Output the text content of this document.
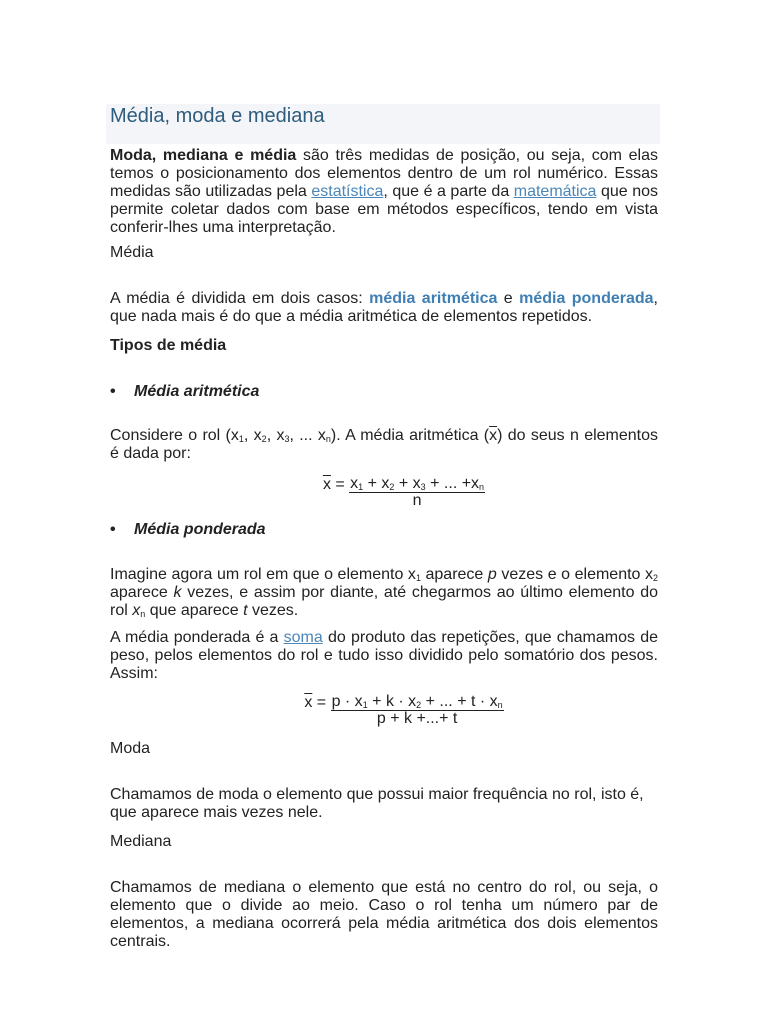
Média, moda e mediana

Moda, mediana e média são três medidas de posição, ou seja, com elas temos o posicionamento dos elementos dentro de um rol numérico. Essas medidas são utilizadas pela estatística, que é a parte da matemática que nos permite coletar dados com base em métodos específicos, tendo em vista conferir-lhes uma interpretação.

Média

A média é dividida em dois casos: média aritmética e média ponderada, que nada mais é do que a média aritmética de elementos repetidos.

Tipos de média

• Média aritmética

Considere o rol ($x_1$, $x_2$, $x_3$, ... $x_n$). A média aritmética $(\overline{x})$ do seus n elementos é dada por:

$\overline{x} = \frac{x_1 + x_2 + x_3 + ... +x_n}{n}$

• Média ponderada

Imagine agora um rol em que o elemento $x_1$ aparece p vezes e o elemento $x_2$ aparece k vezes, e assim por diante, até chegarmos ao último elemento do rol $x_n$ que aparece t vezes.

A média ponderada é a soma do produto das repetições, que chamamos de peso, pelos elementos do rol e tudo isso dividido pelo somatório dos pesos. Assim:

$\overline{x} = \frac{p \cdot x_1 + k \cdot x_2 + ... + t \cdot x_n}{p + k +...+ t}$

Moda

Chamamos de moda o elemento que possui maior frequência no rol, isto é, que aparece mais vezes nele.

Mediana

Chamamos de mediana o elemento que está no centro do rol, ou seja, o elemento que o divide ao meio. Caso o rol tenha um número par de elementos, a mediana ocorrerá pela média aritmética dos dois elementos centrais.
